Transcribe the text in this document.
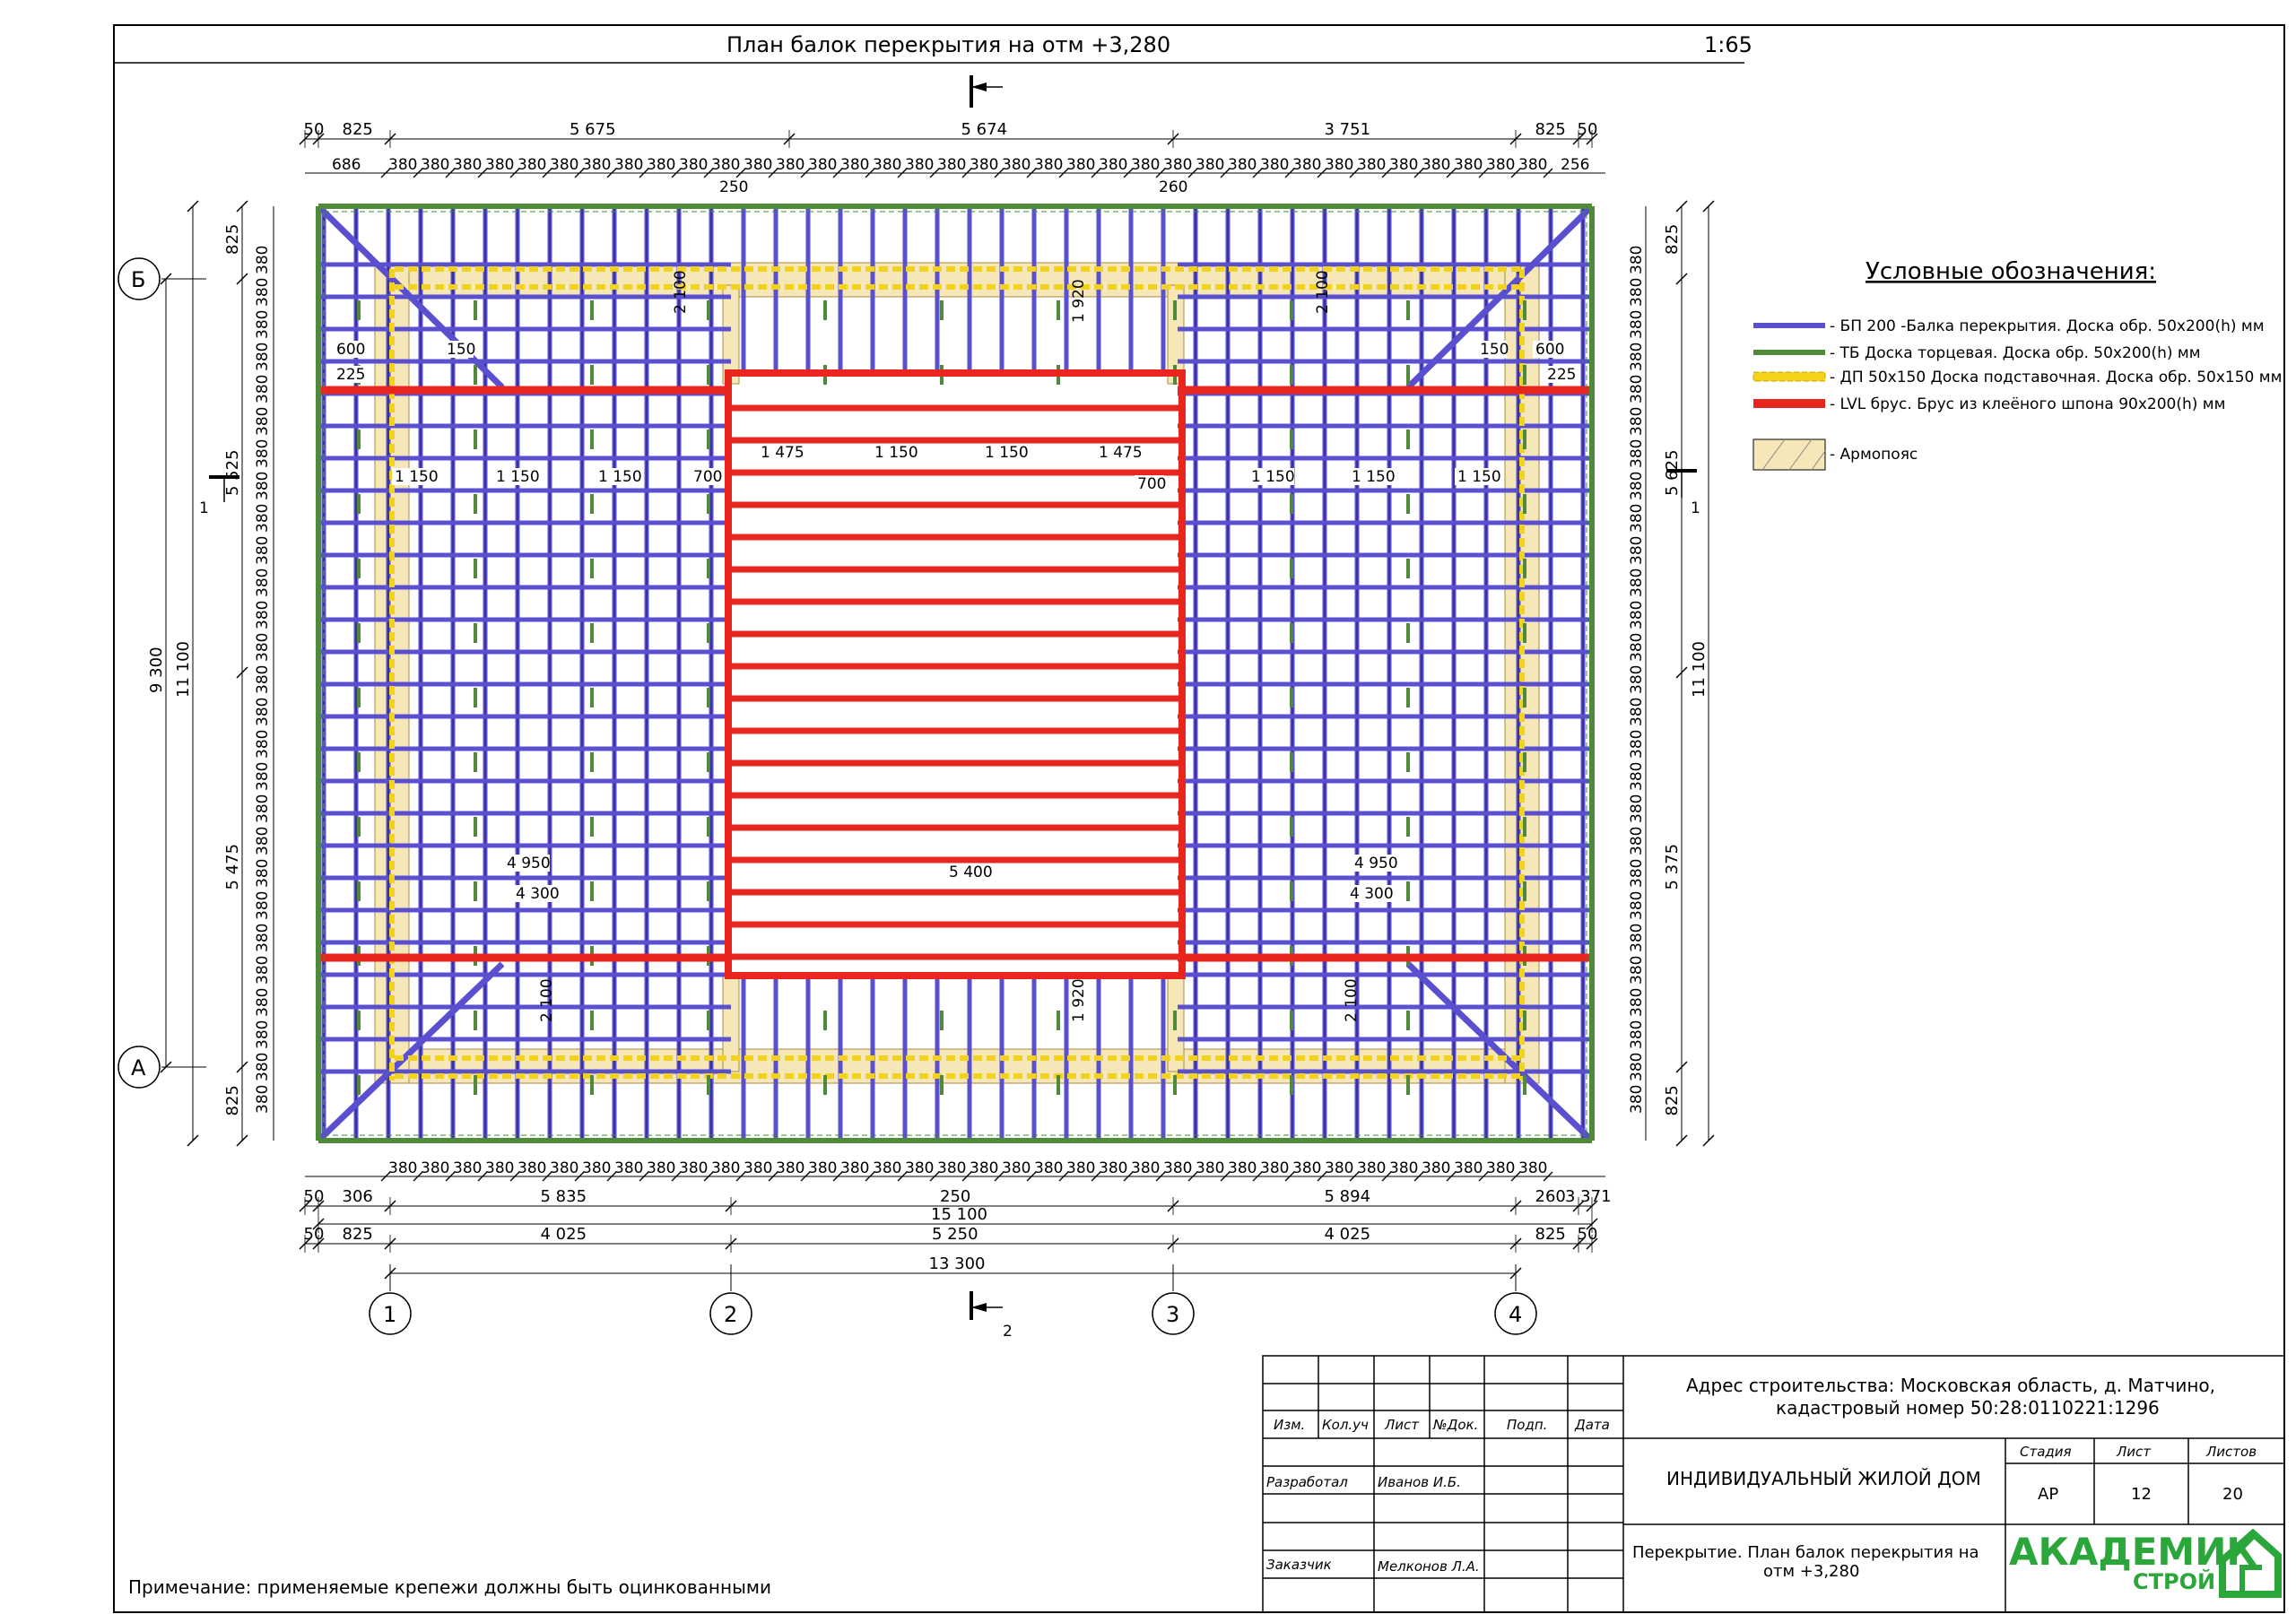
План балок перекрытия на отм +3,280	1:65
2
1	1
1 475	1 150	1 150	1 475
1 150	1 150	1 150	700	700	1 150	1 150	1 150
4 950
4 300
5 400	4 950
4 300
600
225
150	600
225
150
2 100	1 920	2 100
2 100	1 920	2 100
1	2	3	4
Б
А
50 825	5 675	5 674	3 751	825 50
380 380 380 380 380 380 380 380 380 380 380 380 380 380 380 380 380 380 380 380 380 380 380 380 380 380 380 380 380 380 380 380 380 380 380 380
686
250	260
256
380 380 380 380 380 380 380 380 380 380 380 380 380 380 380 380 380 380 380 380 380 380 380 380 380 380 380 380 380 380 380 380 380 380 380 380
50 306	5 835	250	5 894	260 3 371
15 100
50 825	4 025	5 250	4 025	825 50
13 300
9 300 11 100
825
5 525
5 475
825
11 100
825
5 625
5 375
825
380	380
380	380
380	380
380	380
380	380
380	380
380	380
380	380
380	380
380	380
380	380
380	380
380	380
380	380
380	380
380	380
380	380
380	380
380	380
380	380
380	380
380	380
380	380
380	380
380	380
380	380
380	380
Условные обозначения:
- БП 200 -Балка перекрытия. Доска обр. 50х200(h) мм
- ТБ Доска торцевая. Доска обр. 50х200(h) мм
- ДП 50х150 Доска подставочная. Доска обр. 50х150 мм
- LVL брус. Брус из клеёного шпона 90х200(h) мм
- Армопояс
Примечание: применяемые крепежи должны быть оцинкованными
Изм. Кол.уч Лист №Док. Подп. Дата
Разработал Иванов И.Б.
Заказчик	Мелконов Л.А.
Адрес строительства: Московская область, д. Матчино,
кадастровый номер 50:28:0110221:1296
ИНДИВИДУАЛЬНЫЙ ЖИЛОЙ ДОМ
Перекрытие. План балок перекрытия на
отм +3,280
Стадия	Лист	Листов
АР	12	20
АКАДЕМИК
СТРОЙ
